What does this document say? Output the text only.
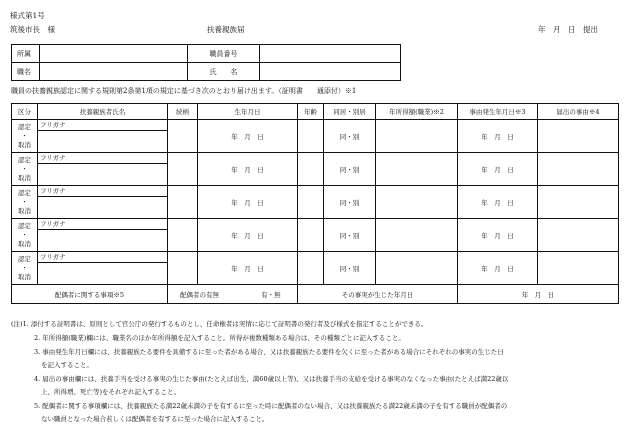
様式第1号
筑後市長　様	扶養親族届	年　月　日　提出
所属		職員番号	
職名		氏　　名	
職員の扶養親族認定に関する規則第2条第1項の規定に基づき次のとおり届け出ます。（証明書　　通添付）※1
区分	扶養親族者氏名	続柄	生年月日	年齢	同居・別居	年所得額(職業)※2	事由発生年月日※3	届出の事由※4
認定
・
取消	フリガナ		年　月　日		同・別		年　月　日	
認定
・
取消	フリガナ		年　月　日		同・別		年　月　日	
認定
・
取消	フリガナ		年　月　日		同・別		年　月　日	
認定
・
取消	フリガナ		年　月　日		同・別		年　月　日	
認定
・
取消	フリガナ		年　月　日		同・別		年　月　日	
配偶者に関する事項※5		配偶者の有無 有・無		その事実が生じた年月日			年　月　日	
(注)1. 添付する証明書は、原則として官公庁の発行するものとし、任命権者は実情に応じて証明書の発行者及び様式を指定することができる。
2. 年所得額(職業)欄には、職業名のほか年所得額を記入すること。所得が複数種類ある場合は、その種類ごとに記入すること。
3. 事由発生年月日欄には、扶養親族たる要件を具備するに至った者がある場合、又は扶養親族たる要件を欠くに至った者がある場合にそれぞれの事実の生じた日
を記入すること。
4. 届出の事由欄には、扶養手当を受ける事実の生じた事由(たとえば出生、満60歳以上等)、又は扶養手当の支給を受ける事実のなくなった事由(たとえば満22歳以
上、所得増、死亡等)をそれぞれ記入すること。
5. 配偶者に関する事項欄には、扶養親族たる満22歳未満の子を有するに至った時に配偶者のない場合、又は扶養親族たる満22歳未満の子を有する職員が配偶者の
ない職員となった場合若しくは配偶者を有するに至った場合に記入すること。
